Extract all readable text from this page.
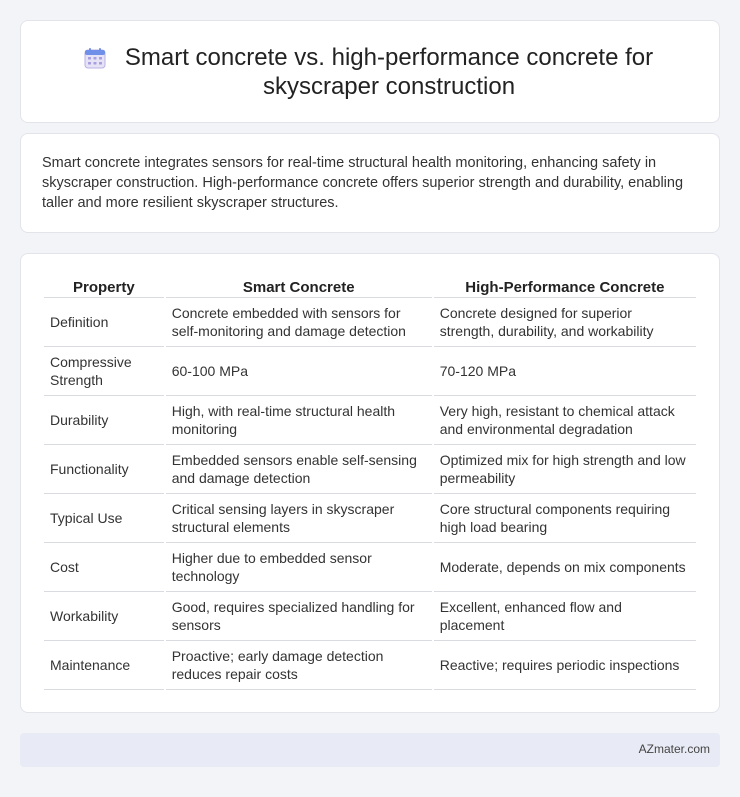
Smart concrete vs. high-performance concrete for skyscraper construction

Smart concrete integrates sensors for real-time structural health monitoring, enhancing safety in skyscraper construction. High-performance concrete offers superior strength and durability, enabling taller and more resilient skyscraper structures.

Property	Smart Concrete	High-Performance Concrete
Definition	Concrete embedded with sensors for self-monitoring and damage detection	Concrete designed for superior strength, durability, and workability
Compressive Strength	60-100 MPa	70-120 MPa
Durability	High, with real-time structural health monitoring	Very high, resistant to chemical attack and environmental degradation
Functionality	Embedded sensors enable self-sensing and damage detection	Optimized mix for high strength and low permeability
Typical Use	Critical sensing layers in skyscraper structural elements	Core structural components requiring high load bearing
Cost	Higher due to embedded sensor technology	Moderate, depends on mix components
Workability	Good, requires specialized handling for sensors	Excellent, enhanced flow and placement
Maintenance	Proactive; early damage detection reduces repair costs	Reactive; requires periodic inspections
AZmater.com
